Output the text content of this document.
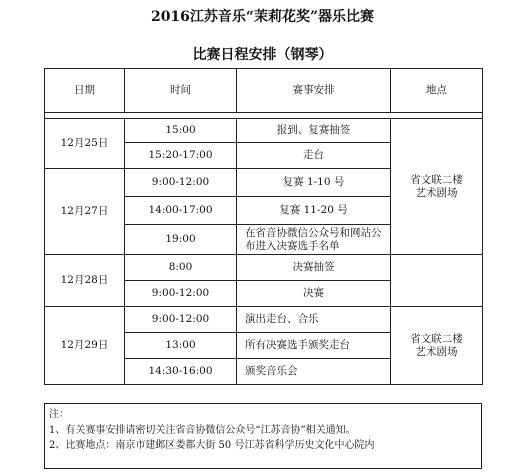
2016江苏音乐“茉莉花奖”器乐比赛
比赛日程安排（钢琴）
日期	时间	赛事安排	地点

12月25日	15:00	报到、复赛抽签	省文联二楼
艺术剧场

	15:20-17:00	走台	
12月27日	9:00-12:00	复赛 1-10 号	
	14:00-17:00	复赛 11-20 号	
	19:00	在省音协微信公众号和网站公布进入决赛选手名单	
12月28日	8:00	决赛抽签	
	9:00-12:00	决赛	
12月29日	9:00-12:00	演出走台、合乐	省文联二楼
艺术剧场

	13:00	所有决赛选手颁奖走台	
	14:30-16:00	颁奖音乐会	
注：
1、有关赛事安排请密切关注省音协微信公众号“江苏音协”相关通知。
2、比赛地点：南京市建邺区娄都大街 50 号江苏省科学历史文化中心院内
